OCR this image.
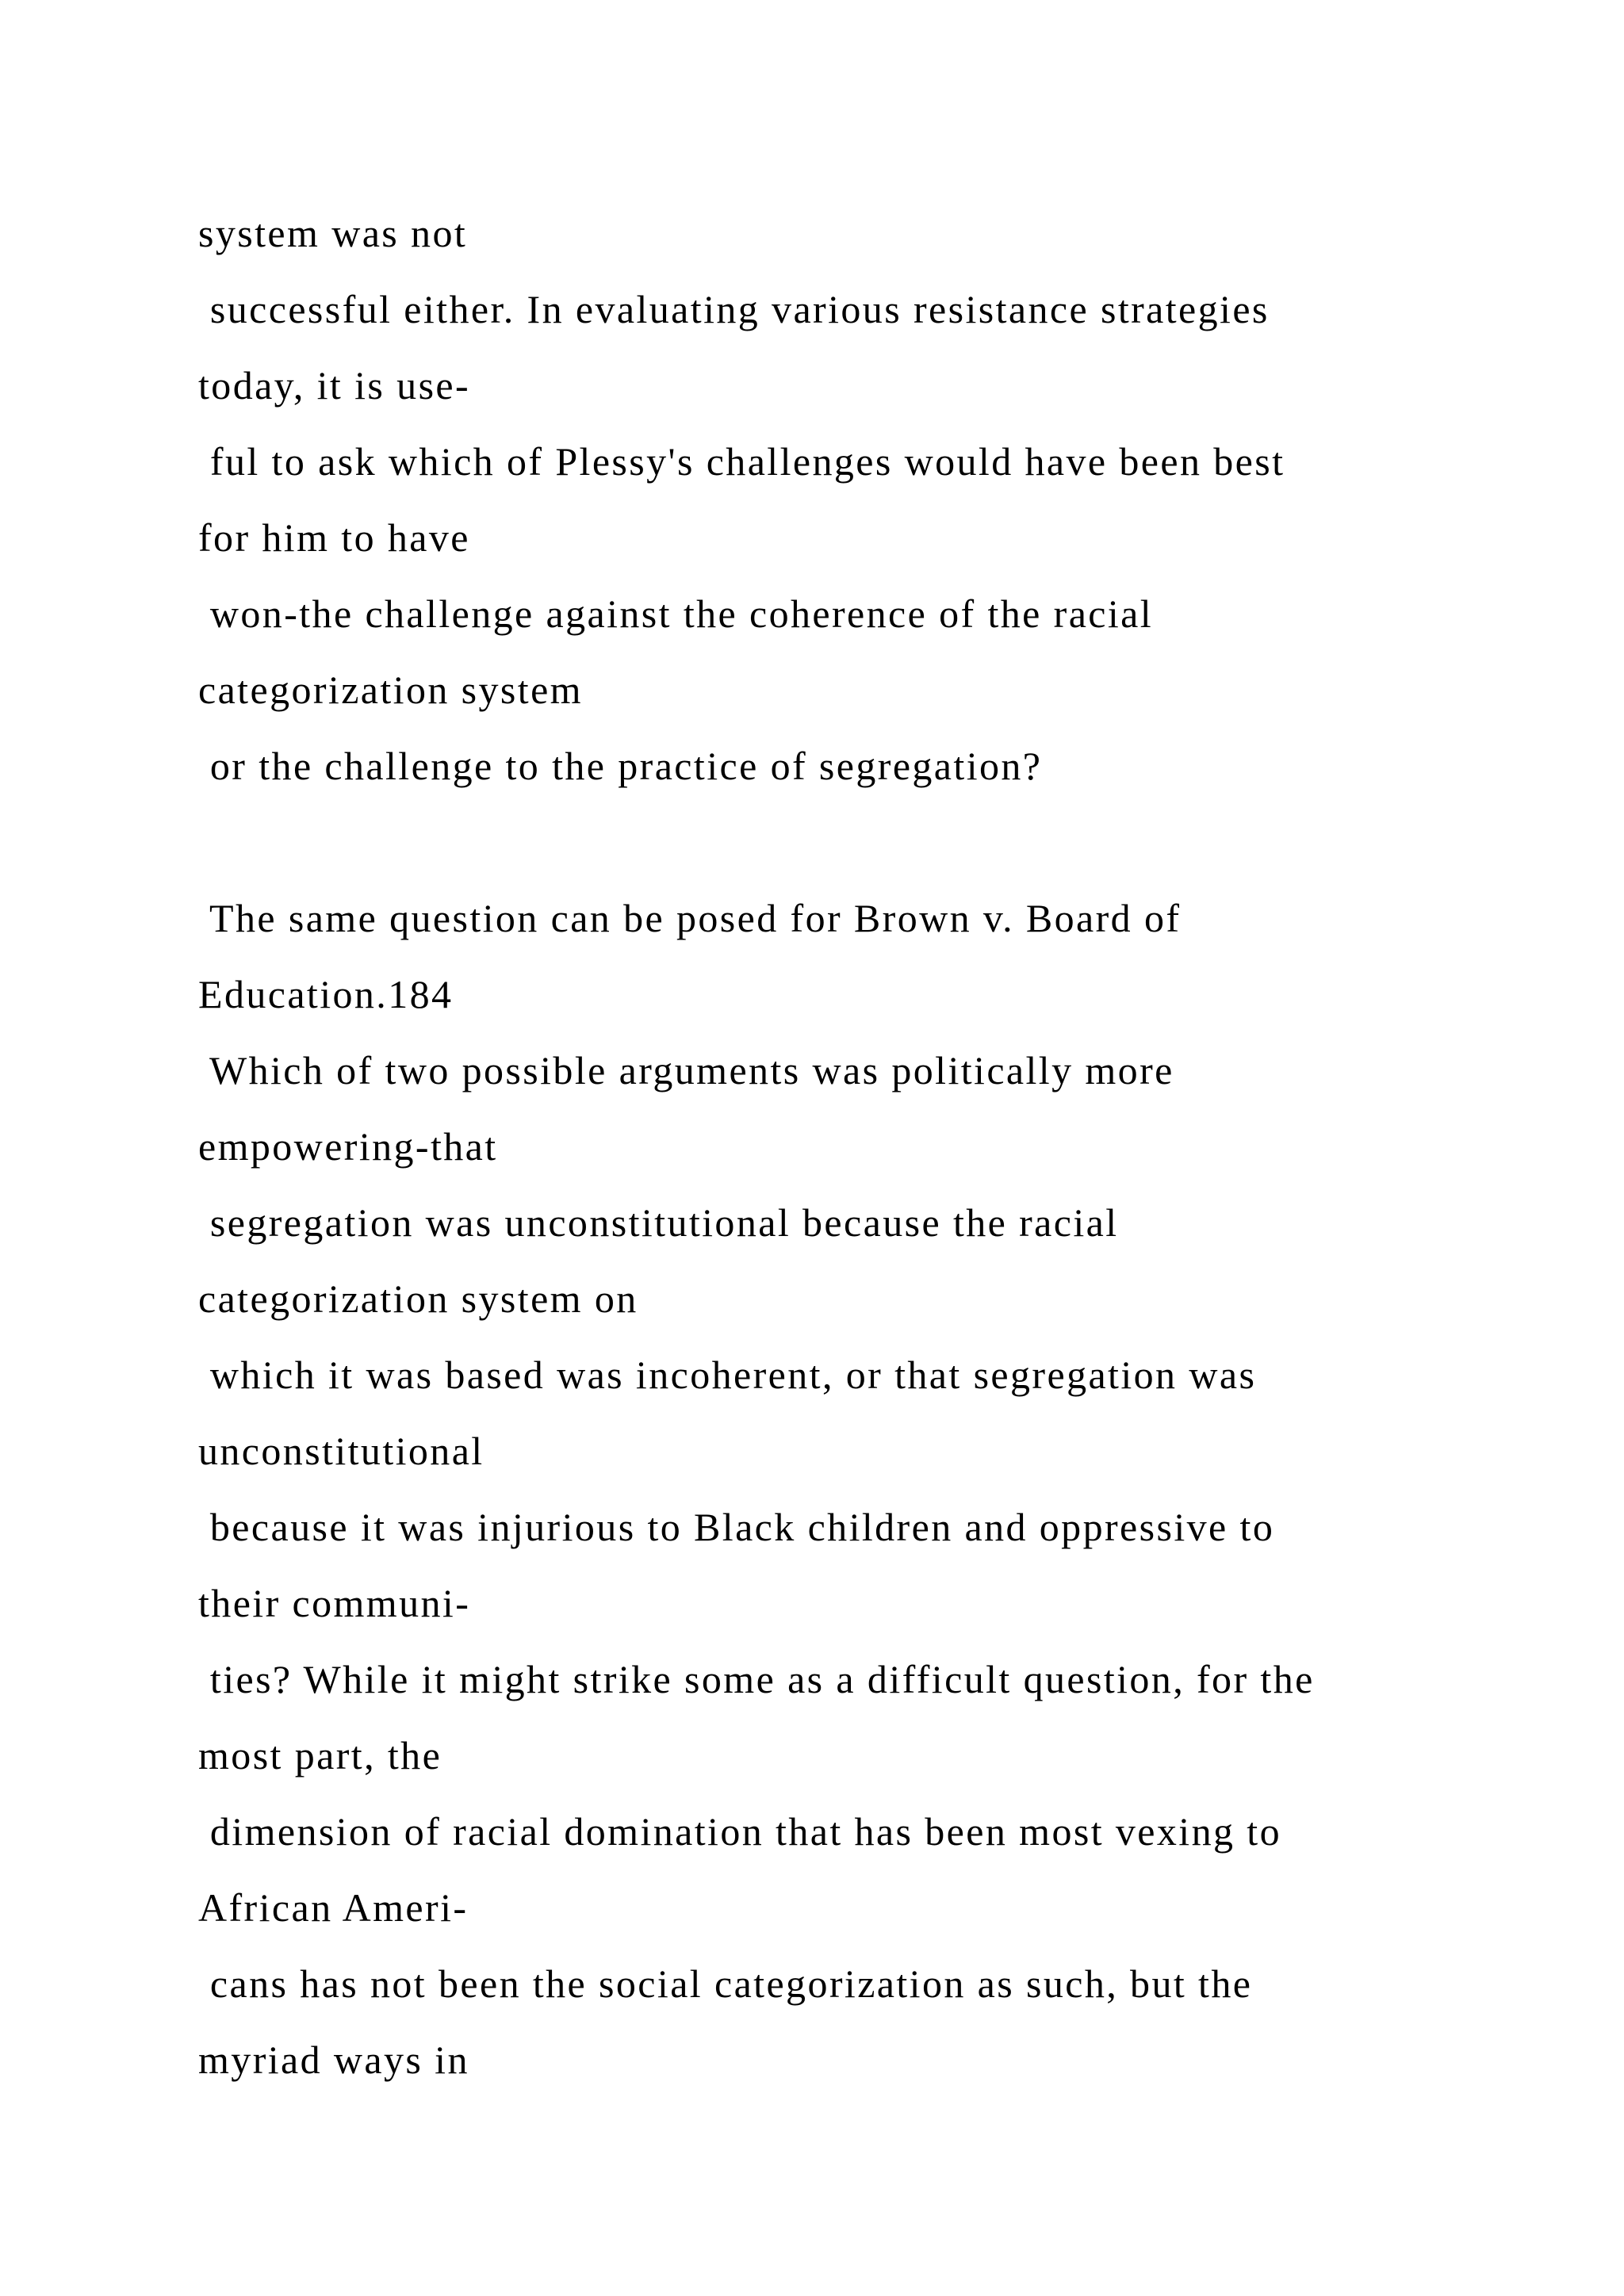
system was not
successful either. In evaluating various resistance strategies
today, it is use-
ful to ask which of Plessy's challenges would have been best
for him to have
won-the challenge against the coherence of the racial
categorization system
or the challenge to the practice of segregation?
The same question can be posed for Brown v. Board of
Education.184
Which of two possible arguments was politically more
empowering-that
segregation was unconstitutional because the racial
categorization system on
which it was based was incoherent, or that segregation was
unconstitutional
because it was injurious to Black children and oppressive to
their communi-
ties? While it might strike some as a difficult question, for the
most part, the
dimension of racial domination that has been most vexing to
African Ameri-
cans has not been the social categorization as such, but the
myriad ways in
